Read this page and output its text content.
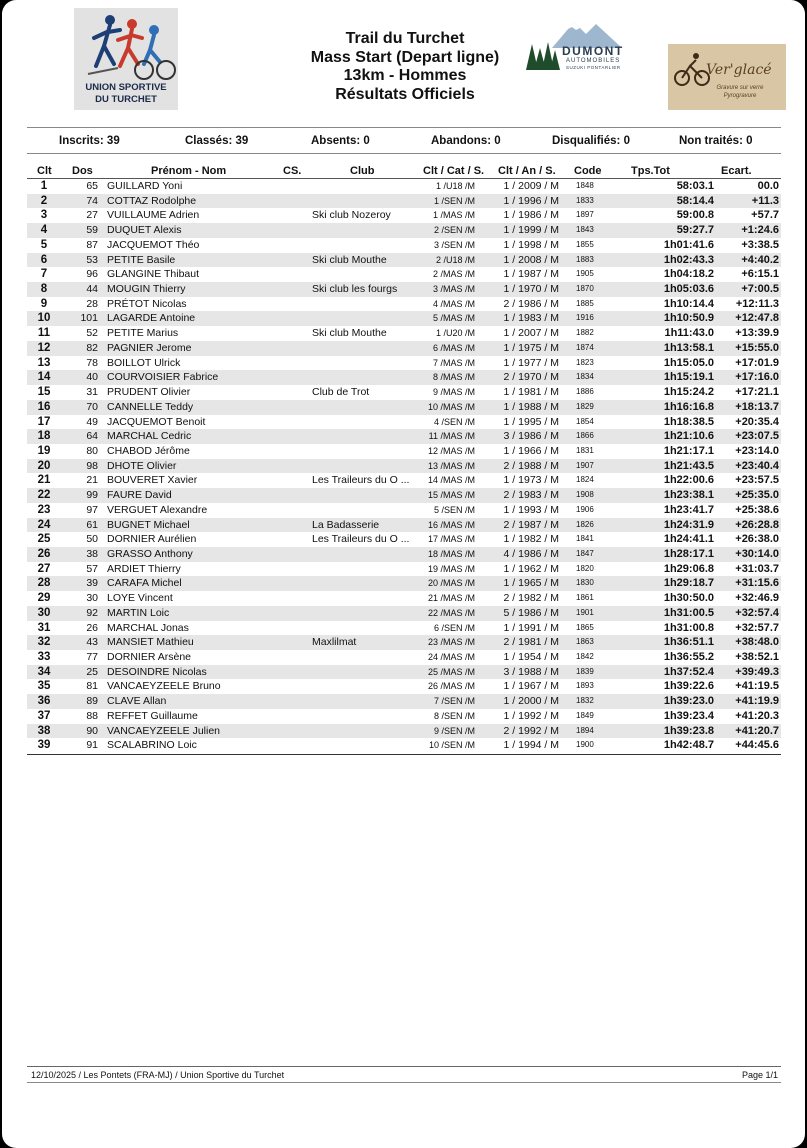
UNION SPORTIVE
DU TURCHET
Trail du Turchet
Mass Start (Depart ligne)
13km - Hommes
Résultats Officiels
DUMONT
AUTOMOBILES
SUZUKI PONTARLIER	Ver'glacé
Gravure sur verre Pyrogravure
Inscrits: 39	Classés: 39	Absents: 0	Abandons: 0	Disqualifiés: 0	Non traités: 0
Clt Dos	Prénom - Nom	CS.	Club	Clt / Cat / S. Clt / An / S. Code	Tps.Tot	Ecart.
1	65 GUILLARD Yoni	1 /U18 /M	1 / 2009 / M 1848	58:03.1	00.0
2	74 COTTAZ Rodolphe	1 /SEN /M	1 / 1996 / M 1833	58:14.4	+11.3
3	27 VUILLAUME Adrien	Ski club Nozeroy	1 /MAS /M	1 / 1986 / M 1897	59:00.8	+57.7
4	59 DUQUET Alexis	2 /SEN /M	1 / 1999 / M 1843	59:27.7	+1:24.6
5	87 JACQUEMOT Théo	3 /SEN /M	1 / 1998 / M 1855	1h01:41.6	+3:38.5
6	53 PETITE Basile	Ski club Mouthe	2 /U18 /M	1 / 2008 / M 1883	1h02:43.3	+4:40.2
7	96 GLANGINE Thibaut	2 /MAS /M	1 / 1987 / M 1905	1h04:18.2	+6:15.1
8	44 MOUGIN Thierry	Ski club les fourgs	3 /MAS /M	1 / 1970 / M 1870	1h05:03.6	+7:00.5
9	28 PRÉTOT Nicolas	4 /MAS /M	2 / 1986 / M 1885	1h10:14.4	+12:11.3
10	101 LAGARDE Antoine	5 /MAS /M	1 / 1983 / M 1916	1h10:50.9	+12:47.8
11	52 PETITE Marius	Ski club Mouthe	1 /U20 /M	1 / 2007 / M 1882	1h11:43.0	+13:39.9
12	82 PAGNIER Jerome	6 /MAS /M	1 / 1975 / M 1874	1h13:58.1	+15:55.0
13	78 BOILLOT Ulrick	7 /MAS /M	1 / 1977 / M 1823	1h15:05.0	+17:01.9
14	40 COURVOISIER Fabrice	8 /MAS /M	2 / 1970 / M 1834	1h15:19.1	+17:16.0
15	31 PRUDENT Olivier	Club de Trot	9 /MAS /M	1 / 1981 / M 1886	1h15:24.2	+17:21.1
16	70 CANNELLE Teddy	10 /MAS /M	1 / 1988 / M 1829	1h16:16.8	+18:13.7
17	49 JACQUEMOT Benoit	4 /SEN /M	1 / 1995 / M 1854	1h18:38.5	+20:35.4
18	64 MARCHAL Cedric	11 /MAS /M	3 / 1986 / M 1866	1h21:10.6	+23:07.5
19	80 CHABOD Jérôme	12 /MAS /M	1 / 1966 / M 1831	1h21:17.1	+23:14.0
20	98 DHOTE Olivier	13 /MAS /M	2 / 1988 / M 1907	1h21:43.5	+23:40.4
21	21 BOUVERET Xavier	Les Traileurs du O ...	14 /MAS /M	1 / 1973 / M 1824	1h22:00.6	+23:57.5
22	99 FAURE David	15 /MAS /M	2 / 1983 / M 1908	1h23:38.1	+25:35.0
23	97 VERGUET Alexandre	5 /SEN /M	1 / 1993 / M 1906	1h23:41.7	+25:38.6
24	61 BUGNET Michael	La Badasserie	16 /MAS /M	2 / 1987 / M 1826	1h24:31.9	+26:28.8
25	50 DORNIER Aurélien	Les Traileurs du O ...	17 /MAS /M	1 / 1982 / M 1841	1h24:41.1	+26:38.0
26	38 GRASSO Anthony	18 /MAS /M	4 / 1986 / M 1847	1h28:17.1	+30:14.0
27	57 ARDIET Thierry	19 /MAS /M	1 / 1962 / M 1820	1h29:06.8	+31:03.7
28	39 CARAFA Michel	20 /MAS /M	1 / 1965 / M 1830	1h29:18.7	+31:15.6
29	30 LOYE Vincent	21 /MAS /M	2 / 1982 / M 1861	1h30:50.0	+32:46.9
30	92 MARTIN Loic	22 /MAS /M	5 / 1986 / M 1901	1h31:00.5	+32:57.4
31	26 MARCHAL Jonas	6 /SEN /M	1 / 1991 / M 1865	1h31:00.8	+32:57.7
32	43 MANSIET Mathieu	Maxlilmat	23 /MAS /M	2 / 1981 / M 1863	1h36:51.1	+38:48.0
33	77 DORNIER Arsène	24 /MAS /M	1 / 1954 / M 1842	1h36:55.2	+38:52.1
34	25 DESOINDRE Nicolas	25 /MAS /M	3 / 1988 / M 1839	1h37:52.4	+39:49.3
35	81 VANCAEYZEELE Bruno	26 /MAS /M	1 / 1967 / M 1893	1h39:22.6	+41:19.5
36	89 CLAVE Allan	7 /SEN /M	1 / 2000 / M 1832	1h39:23.0	+41:19.9
37	88 REFFET Guillaume	8 /SEN /M	1 / 1992 / M 1849	1h39:23.4	+41:20.3
38	90 VANCAEYZEELE Julien	9 /SEN /M	2 / 1992 / M 1894	1h39:23.8	+41:20.7
39	91 SCALABRINO Loic	10 /SEN /M	1 / 1994 / M 1900	1h42:48.7	+44:45.6
12/10/2025 / Les Pontets (FRA-MJ) / Union Sportive du Turchet	Page 1/1
